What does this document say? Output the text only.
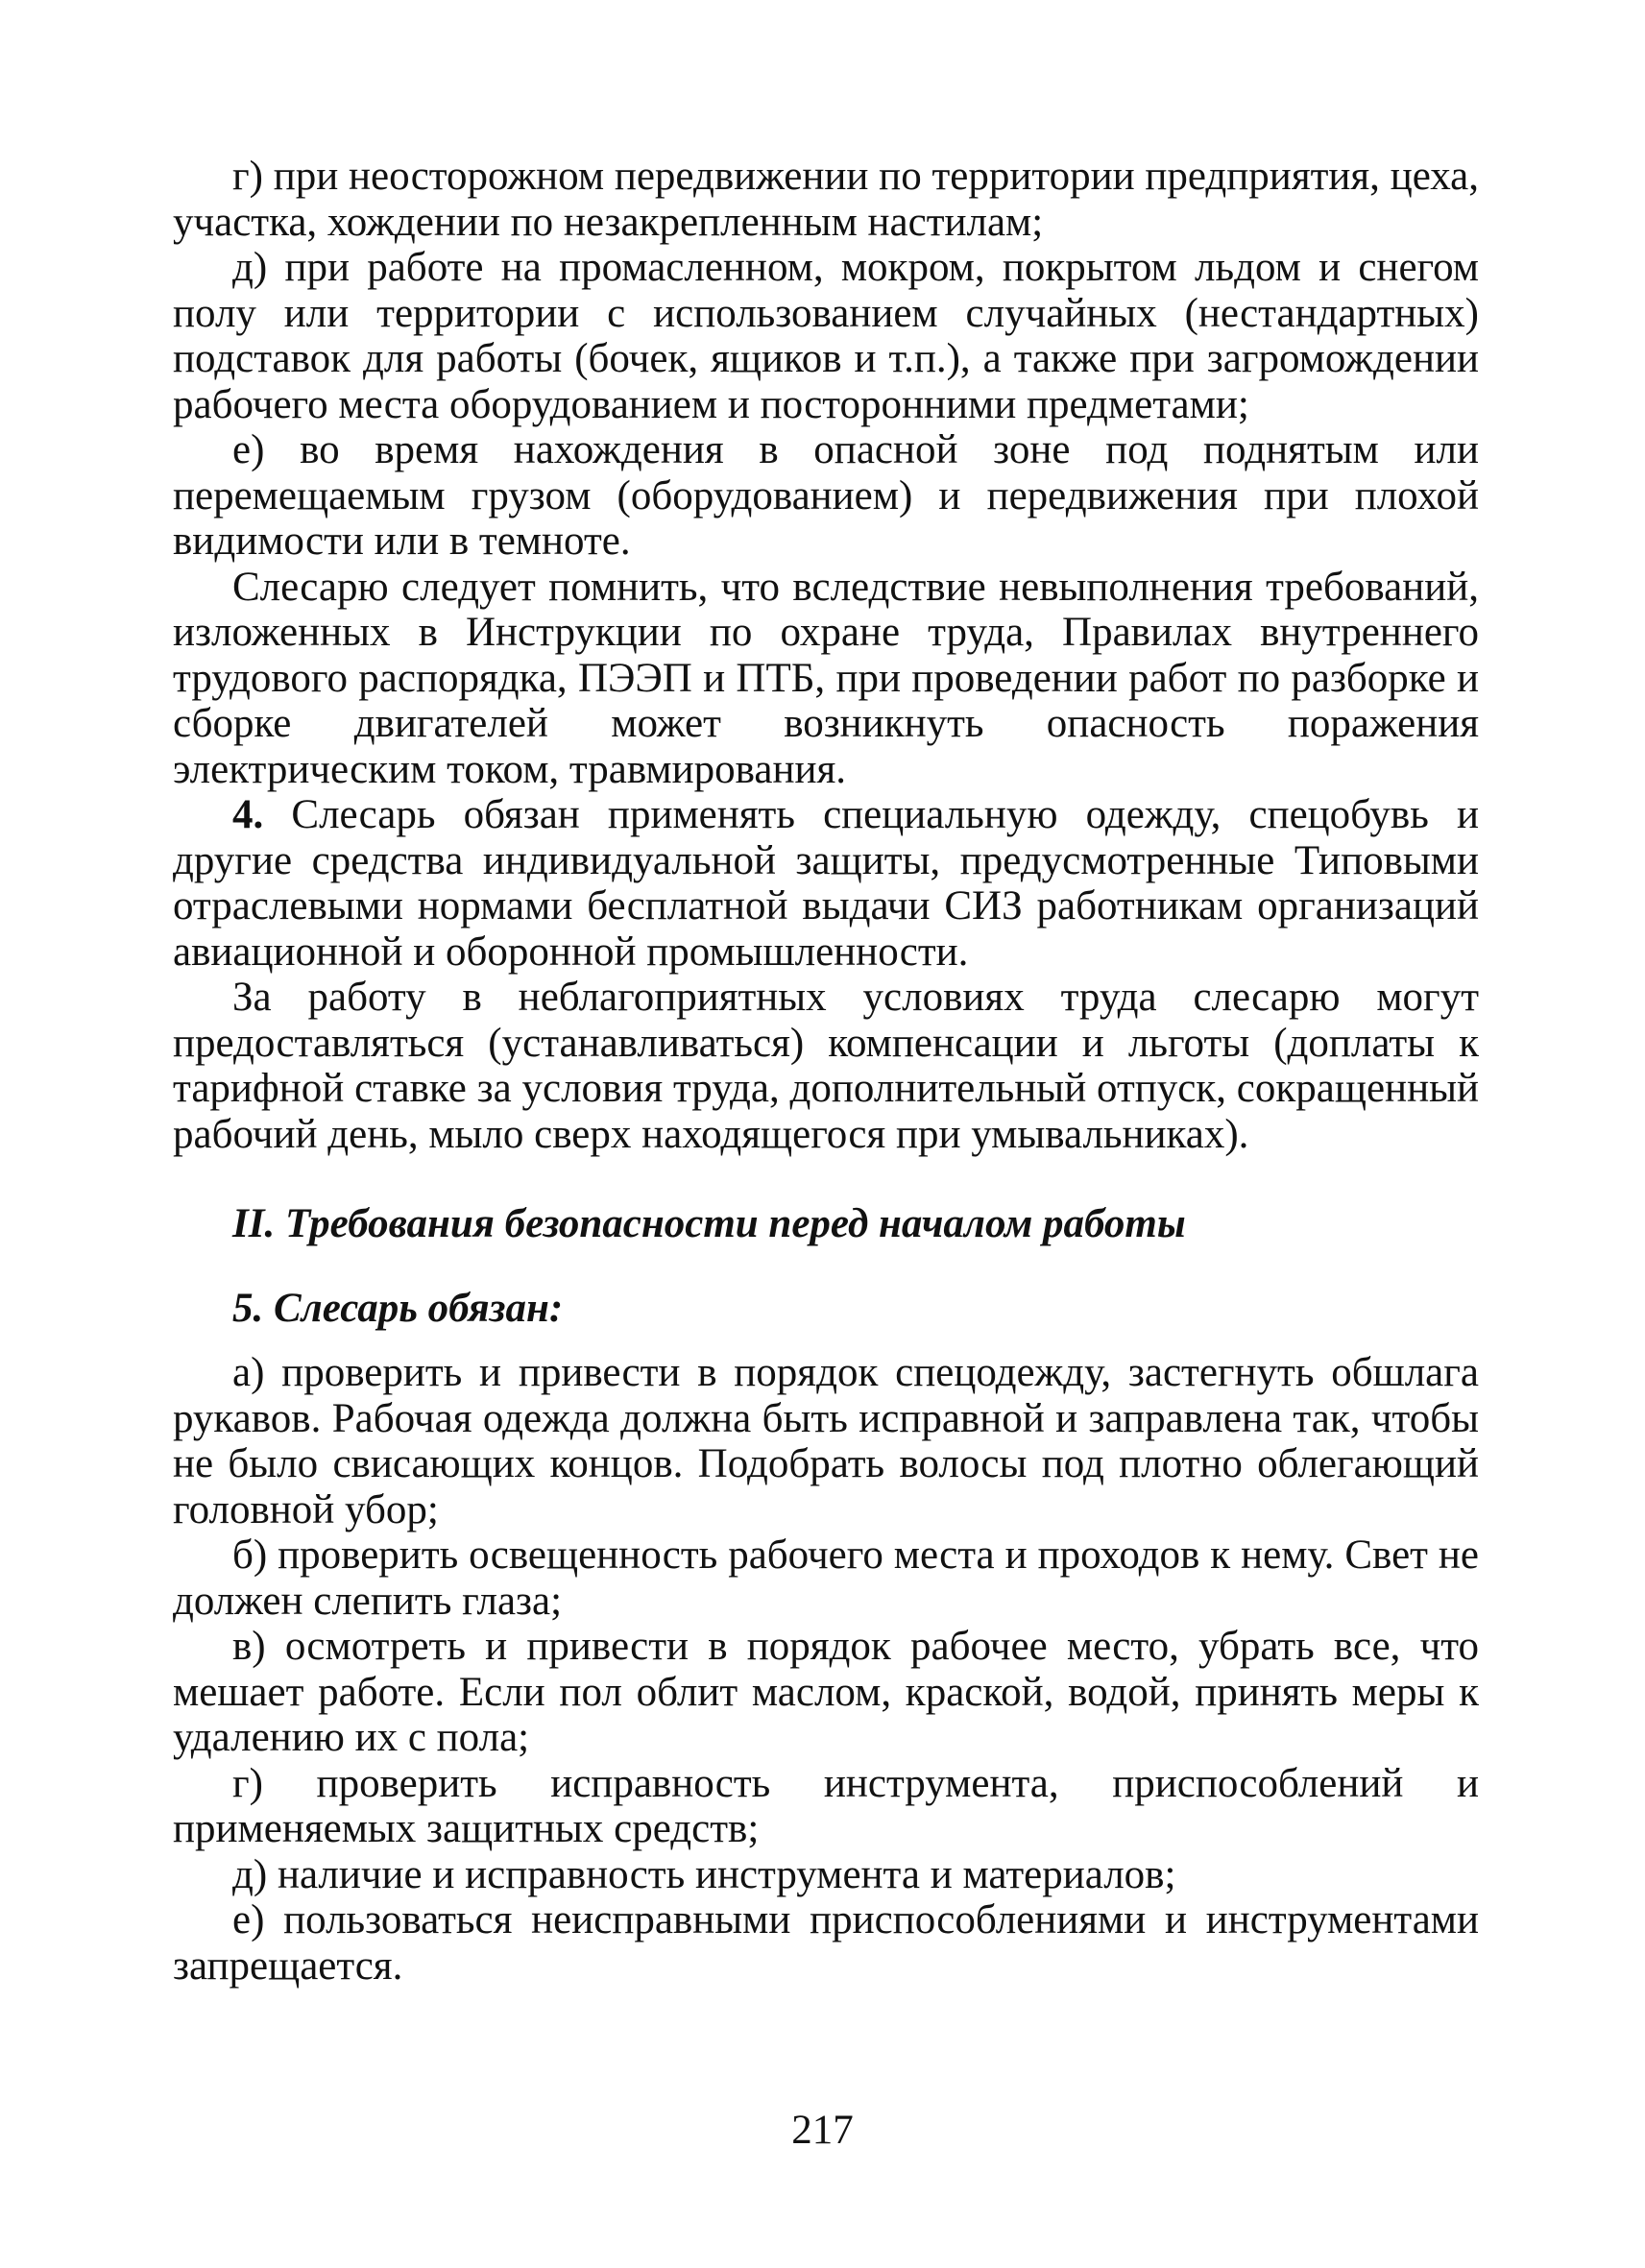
г) при неосторожном передвижении по территории предприятия, цеха, участка, хождении по незакрепленным настилам;

д) при работе на промасленном, мокром, покрытом льдом и снегом полу или территории с использованием случайных (нестандартных) подставок для работы (бочек, ящиков и т.п.), а также при загромождении рабочего места оборудованием и посторонними предметами;

е) во время нахождения в опасной зоне под поднятым или перемещаемым грузом (оборудованием) и передвижения при плохой видимости или в темноте.

Слесарю следует помнить, что вследствие невыполнения требований, изложенных в Инструкции по охране труда, Правилах внутреннего трудового распорядка, ПЭЭП и ПТБ, при проведении работ по разборке и сборке двигателей может возникнуть опасность поражения электрическим током, травмирования.

4. Слесарь обязан применять специальную одежду, спецобувь и другие средства индивидуальной защиты, предусмотренные Типовыми отраслевыми нормами бесплатной выдачи СИЗ работникам организаций авиационной и оборонной промышленности.

За работу в неблагоприятных условиях труда слесарю могут предоставляться (устанавливаться) компенсации и льготы (доплаты к тарифной ставке за условия труда, дополнительный отпуск, сокращенный рабочий день, мыло сверх находящегося при умывальниках).

II. Требования безопасности перед началом работы

5. Слесарь обязан:

а) проверить и привести в порядок спецодежду, застегнуть обшлага рукавов. Рабочая одежда должна быть исправной и заправлена так, чтобы не было свисающих концов. Подобрать волосы под плотно облегающий головной убор;

б) проверить освещенность рабочего места и проходов к нему. Свет не должен слепить глаза;

в) осмотреть и привести в порядок рабочее место, убрать все, что мешает работе. Если пол облит маслом, краской, водой, принять меры к удалению их с пола;

г) проверить исправность инструмента, приспособлений и применяемых защитных средств;

д) наличие и исправность инструмента и материалов;

е) пользоваться неисправными приспособлениями и инструментами запрещается.

217
